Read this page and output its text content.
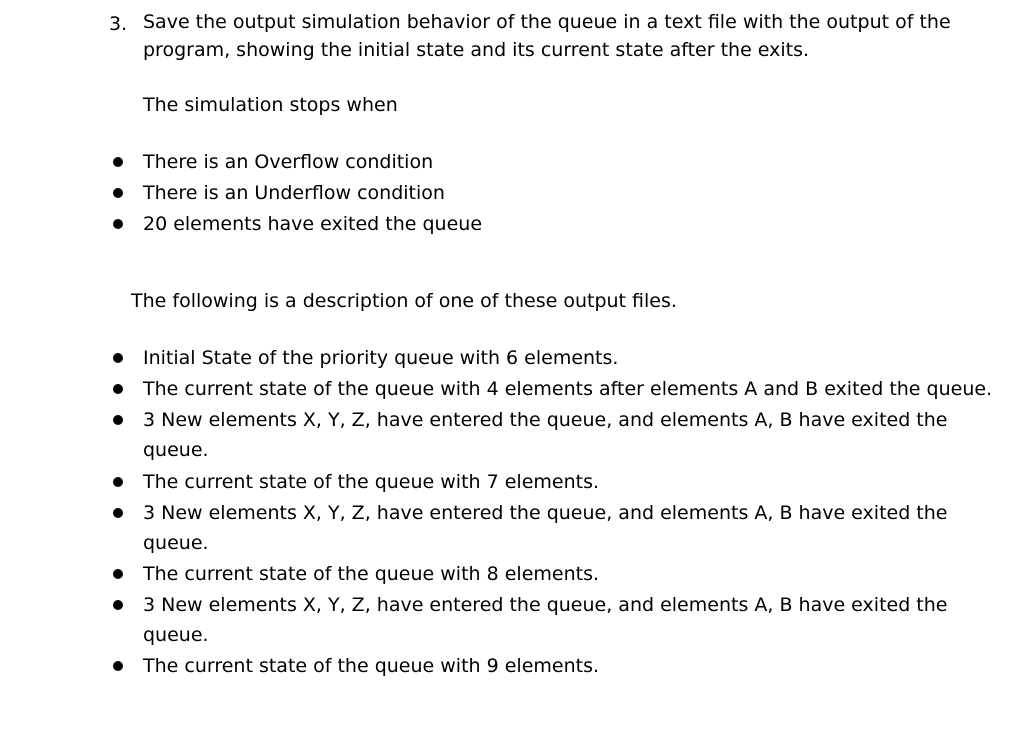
3. Save the output simulation behavior of the queue in a text file with the output of the
program, showing the initial state and its current state after the exits.
The simulation stops when
There is an Overflow condition
There is an Underflow condition
20 elements have exited the queue
The following is a description of one of these output files.
Initial State of the priority queue with 6 elements.
The current state of the queue with 4 elements after elements A and B exited the queue.
3 New elements X, Y, Z, have entered the queue, and elements A, B have exited the
queue.
The current state of the queue with 7 elements.
3 New elements X, Y, Z, have entered the queue, and elements A, B have exited the
queue.
The current state of the queue with 8 elements.
3 New elements X, Y, Z, have entered the queue, and elements A, B have exited the
queue.
The current state of the queue with 9 elements.
